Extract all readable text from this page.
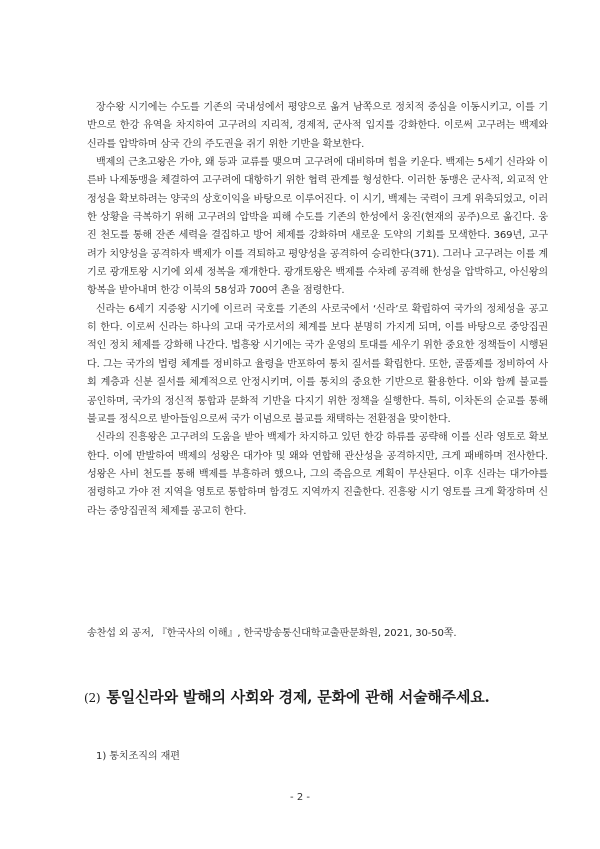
장수왕 시기에는 수도를 기존의 국내성에서 평양으로 옮겨 남쪽으로 정치적 중심을 이동시키고, 이를 기반으로 한강 유역을 차지하여 고구려의 지리적, 경제적, 군사적 입지를 강화한다. 이로써 고구려는 백제와 신라를 압박하며 삼국 간의 주도권을 쥐기 위한 기반을 확보한다.

백제의 근초고왕은 가야, 왜 등과 교류를 맺으며 고구려에 대비하며 힘을 키운다. 백제는 5세기 신라와 이른바 나제동맹을 체결하여 고구려에 대항하기 위한 협력 관계를 형성한다. 이러한 동맹은 군사적, 외교적 안정성을 확보하려는 양국의 상호이익을 바탕으로 이루어진다. 이 시기, 백제는 국력이 크게 위축되었고, 이러한 상황을 극복하기 위해 고구려의 압박을 피해 수도를 기존의 한성에서 웅진(현재의 공주)으로 옮긴다. 웅진 천도를 통해 잔존 세력을 결집하고 방어 체제를 강화하며 새로운 도약의 기회를 모색한다. 369년, 고구려가 치양성을 공격하자 백제가 이를 격퇴하고 평양성을 공격하여 승리한다(371). 그러나 고구려는 이를 계기로 광개토왕 시기에 외세 정복을 재개한다. 광개토왕은 백제를 수차례 공격해 한성을 압박하고, 아신왕의 항복을 받아내며 한강 이북의 58성과 700여 촌을 점령한다.

신라는 6세기 지증왕 시기에 이르러 국호를 기존의 사로국에서 ‘신라’로 확립하여 국가의 정체성을 공고히 한다. 이로써 신라는 하나의 고대 국가로서의 체계를 보다 분명히 가지게 되며, 이를 바탕으로 중앙집권적인 정치 체제를 강화해 나간다. 법흥왕 시기에는 국가 운영의 토대를 세우기 위한 중요한 정책들이 시행된다. 그는 국가의 법령 체계를 정비하고 율령을 반포하여 통치 질서를 확립한다. 또한, 골품제를 정비하여 사회 계층과 신분 질서를 체계적으로 안정시키며, 이를 통치의 중요한 기반으로 활용한다. 이와 함께 불교를 공인하며, 국가의 정신적 통합과 문화적 기반을 다지기 위한 정책을 실행한다. 특히, 이차돈의 순교를 통해 불교를 정식으로 받아들임으로써 국가 이념으로 불교를 채택하는 전환점을 맞이한다.

신라의 진흥왕은 고구려의 도움을 받아 백제가 차지하고 있던 한강 하류를 공략해 이를 신라 영토로 확보한다. 이에 반발하여 백제의 성왕은 대가야 및 왜와 연합해 관산성을 공격하지만, 크게 패배하며 전사한다. 성왕은 사비 천도를 통해 백제를 부흥하려 했으나, 그의 죽음으로 계획이 무산된다. 이후 신라는 대가야를 점령하고 가야 전 지역을 영토로 통합하며 함경도 지역까지 진출한다. 진흥왕 시기 영토를 크게 확장하며 신라는 중앙집권적 체제를 공고히 한다.

송찬섭 외 공저, 『한국사의 이해』, 한국방송통신대학교출판문화원, 2021, 30-50쪽.
(2) 통일신라와 발해의 사회와 경제, 문화에 관해 서술해주세요.
1) 통치조직의 재편
- 2 -
